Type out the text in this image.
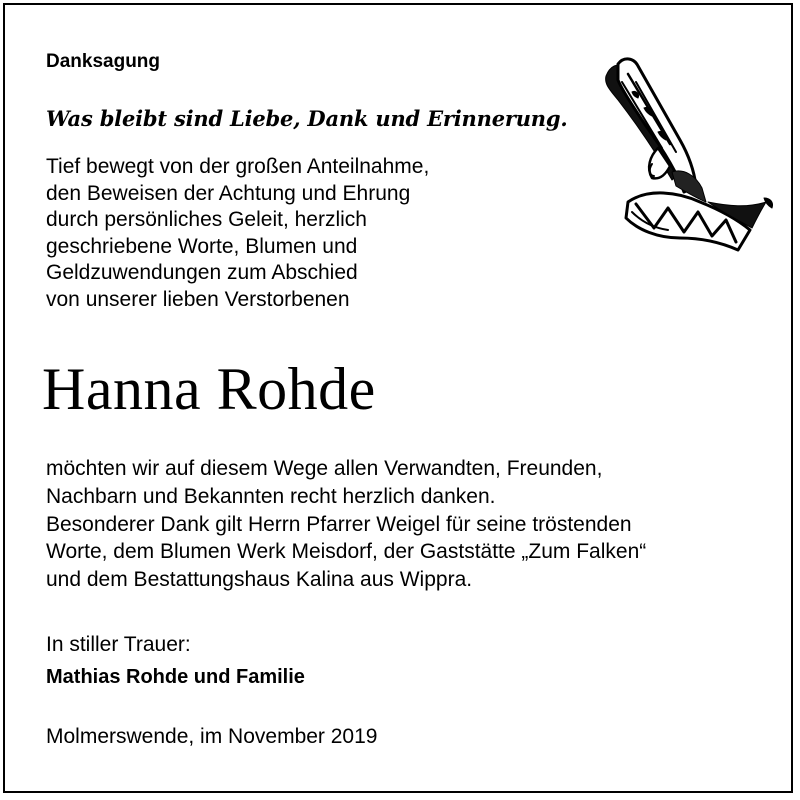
Danksagung
Was bleibt sind Liebe, Dank und Erinnerung.
Tief bewegt von der großen Anteilnahme,
den Beweisen der Achtung und Ehrung
durch persönliches Geleit, herzlich
geschriebene Worte, Blumen und
Geldzuwendungen zum Abschied
von unserer lieben Verstorbenen
Hanna Rohde
möchten wir auf diesem Wege allen Verwandten, Freunden,
Nachbarn und Bekannten recht herzlich danken.
Besonderer Dank gilt Herrn Pfarrer Weigel für seine tröstenden
Worte, dem Blumen Werk Meisdorf, der Gaststätte „Zum Falken“
und dem Bestattungshaus Kalina aus Wippra.
In stiller Trauer:
Mathias Rohde und Familie
Molmerswende, im November 2019
